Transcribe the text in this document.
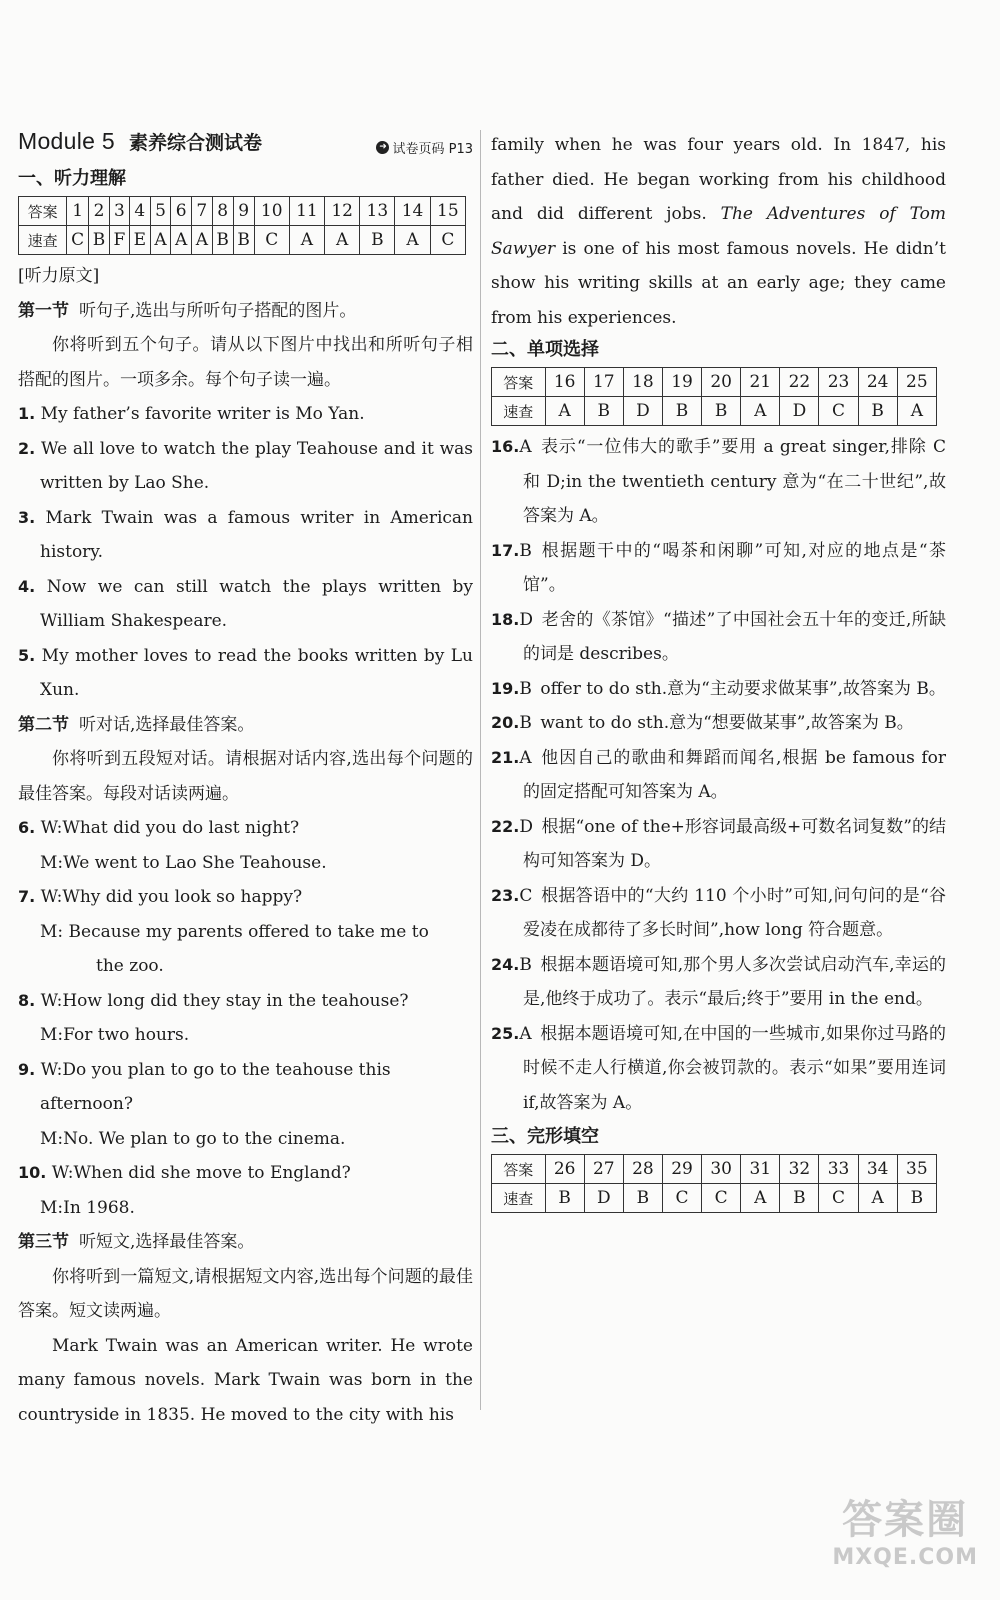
Module 5 素养综合测试卷	➜ 试卷页码 P13
一、听力理解
答案	1	2	3	4	5	6	7	8	9	10	11	12	13	14	15
速查	C	B	F	E	A	A	A	B	B	C	A	A	B	A	C

[听力原文]

第一节 听句子,选出与所听句子搭配的图片。

你将听到五个句子。请从以下图片中找出和所听句子相搭配的图片。一项多余。每个句子读一遍。

1. My father’s favorite writer is Mo Yan.

2. We all love to watch the play Teahouse and it was written by Lao She.

3. Mark Twain was a famous writer in American history.

4. Now we can still watch the plays written by William Shakespeare.

5. My mother loves to read the books written by Lu Xun.

第二节 听对话,选择最佳答案。

你将听到五段短对话。请根据对话内容,选出每个问题的最佳答案。每段对话读两遍。

6. W:What did you do last night?

M:We went to Lao She Teahouse.

7. W:Why did you look so happy?

M: Because my parents offered to take me to

the zoo.

8. W:How long did they stay in the teahouse?

M:For two hours.

9. W:Do you plan to go to the teahouse this afternoon?

M:No. We plan to go to the cinema.

10. W:When did she move to England?

M:In 1968.

第三节 听短文,选择最佳答案。

你将听到一篇短文,请根据短文内容,选出每个问题的最佳答案。短文读两遍。

Mark Twain was an American writer. He wrote many famous novels. Mark Twain was born in the countryside in 1835. He moved to the city with his

family when he was four years old. In 1847, his father died. He began working from his childhood and did different jobs. The Adventures of Tom Sawyer is one of his most famous novels. He didn’t show his writing skills at an early age; they came from his experiences.

二、单项选择
答案	16	17	18	19	20	21	22	23	24	25
速查	A	B	D	B	B	A	D	C	B	A

16.A  表示“一位伟大的歌手”要用 a great singer,排除 C 和 D;in the twentieth century 意为“在二十世纪”,故答案为 A。

17.B  根据题干中的“喝茶和闲聊”可知,对应的地点是“茶馆”。

18.D  老舍的《茶馆》“描述”了中国社会五十年的变迁,所缺的词是 describes。

19.B  offer to do sth.意为“主动要求做某事”,故答案为 B。

20.B  want to do sth.意为“想要做某事”,故答案为 B。

21.A  他因自己的歌曲和舞蹈而闻名,根据 be famous for 的固定搭配可知答案为 A。

22.D  根据“one of the+形容词最高级+可数名词复数”的结构可知答案为 D。

23.C  根据答语中的“大约 110 个小时”可知,问句问的是“谷爱凌在成都待了多长时间”,how long 符合题意。

24.B  根据本题语境可知,那个男人多次尝试启动汽车,幸运的是,他终于成功了。表示“最后;终于”要用 in the end。

25.A  根据本题语境可知,在中国的一些城市,如果你过马路的时候不走人行横道,你会被罚款的。表示“如果”要用连词 if,故答案为 A。

三、完形填空
答案	26	27	28	29	30	31	32	33	34	35
速查	B	D	B	C	C	A	B	C	A	B
答案圈
MXQE.COM
